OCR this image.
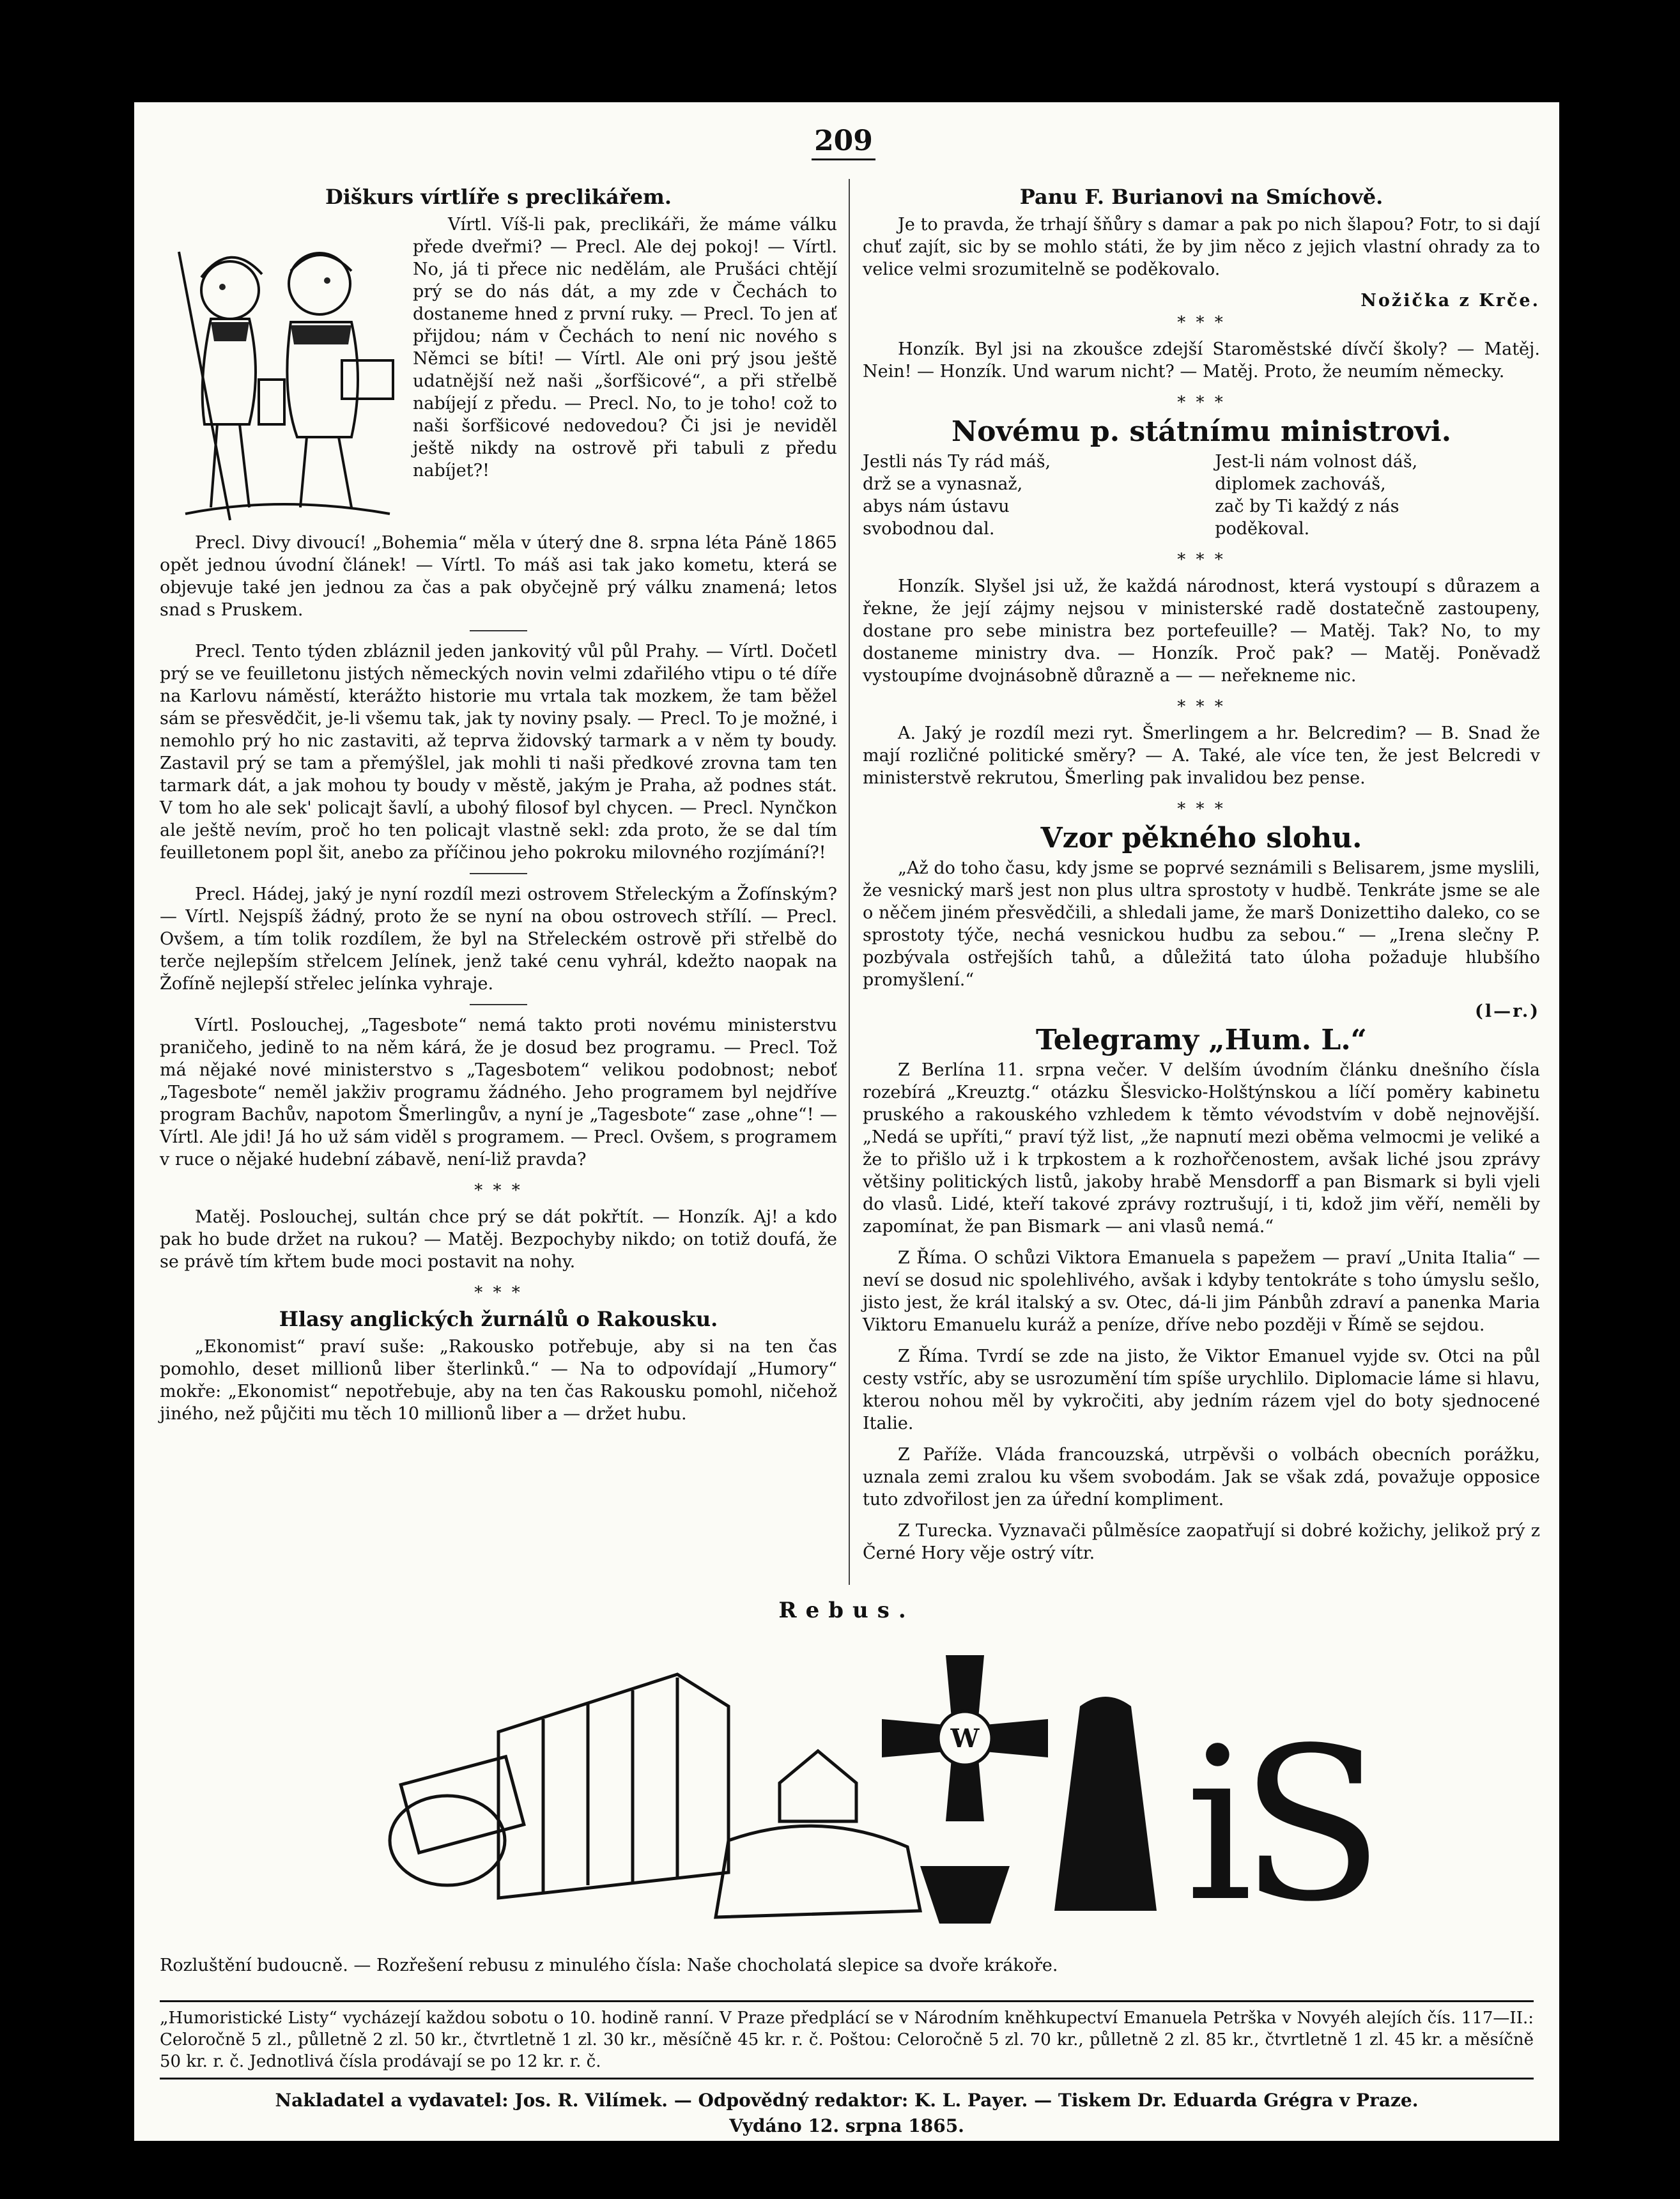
209
Diškurs vírtlíře s preclikářem.

Vírtl. Víš-li pak, preclikáři, že máme válku přede dveřmi? — Precl. Ale dej pokoj! — Vírtl. No, já ti přece nic nedělám, ale Prušáci chtějí prý se do nás dát, a my zde v Čechách to dostaneme hned z první ruky. — Precl. To jen ať přijdou; nám v Čechách to není nic nového s Němci se bíti! — Vírtl. Ale oni prý jsou ještě udatnější než naši „šorfšicové“, a při střelbě nabíjejí z předu. — Precl. No, to je toho! což to naši šorfšicové nedovedou? Či jsi je neviděl ještě nikdy na ostrově při tabuli z předu nabíjet?!

Precl. Divy divoucí! „Bohemia“ měla v úterý dne 8. srpna léta Páně 1865 opět jednou úvodní článek! — Vírtl. To máš asi tak jako kometu, která se objevuje také jen jednou za čas a pak obyčejně prý válku znamená; letos snad s Pruskem.

Precl. Tento týden zbláznil jeden jankovitý vůl půl Prahy. — Vírtl. Dočetl prý se ve feuilletonu jistých německých novin velmi zdařilého vtipu o té díře na Karlovu náměstí, kterážto historie mu vrtala tak mozkem, že tam běžel sám se přesvědčit, je-li všemu tak, jak ty noviny psaly. — Precl. To je možné, i nemohlo prý ho nic zastaviti, až teprva židovský tarmark a v něm ty boudy. Zastavil prý se tam a přemýšlel, jak mohli ti naši předkové zrovna tam ten tarmark dát, a jak mohou ty boudy v městě, jakým je Praha, až podnes stát. V tom ho ale sek' policajt šavlí, a ubohý filosof byl chycen. — Precl. Nynčkon ale ještě nevím, proč ho ten policajt vlastně sekl: zda proto, že se dal tím feuilletonem popl šit, anebo za příčinou jeho pokroku milovného rozjímání?!

Precl. Hádej, jaký je nyní rozdíl mezi ostrovem Střeleckým a Žofínským? — Vírtl. Nejspíš žádný, proto že se nyní na obou ostrovech střílí. — Precl. Ovšem, a tím tolik rozdílem, že byl na Střeleckém ostrově při střelbě do terče nejlepším střelcem Jelínek, jenž také cenu vyhrál, kdežto naopak na Žofíně nejlepší střelec jelínka vyhraje.

Vírtl. Poslouchej, „Tagesbote“ nemá takto proti novému ministerstvu praničeho, jedině to na něm kárá, že je dosud bez programu. — Precl. Tož má nějaké nové ministerstvo s „Tagesbotem“ velikou podobnost; neboť „Tagesbote“ neměl jakživ programu žádného. Jeho programem byl nejdříve program Bachův, napotom Šmerlingův, a nyní je „Tagesbote“ zase „ohne“! — Vírtl. Ale jdi! Já ho už sám viděl s programem. — Precl. Ovšem, s programem v ruce o nějaké hudební zábavě, není-liž pravda?

* * *

Matěj. Poslouchej, sultán chce prý se dát pokřtít. — Honzík. Aj! a kdo pak ho bude držet na rukou? — Matěj. Bezpochyby nikdo; on totiž doufá, že se právě tím křtem bude moci postavit na nohy.

* * *
Hlasy anglických žurnálů o Rakousku.

„Ekonomist“ praví suše: „Rakousko potřebuje, aby si na ten čas pomohlo, deset millionů liber šterlinků.“ — Na to odpovídají „Humory“ mokře: „Ekonomist“ nepotřebuje, aby na ten čas Rakousku pomohl, ničehož jiného, než půjčiti mu těch 10 millionů liber a — držet hubu.

Panu F. Burianovi na Smíchově.

Je to pravda, že trhají šňůry s damar a pak po nich šlapou? Fotr, to si dají chuť zajít, sic by se mohlo státi, že by jim něco z jejich vlastní ohrady za to velice velmi srozumitelně se poděkovalo.

Nožička z Krče.
* * *

Honzík. Byl jsi na zkoušce zdejší Staroměstské dívčí školy? — Matěj. Nein! — Honzík. Und warum nicht? — Matěj. Proto, že neumím německy.

* * *
Novému p. státnímu ministrovi.
Jestli nás Ty rád máš,
drž se a vynasnaž,
abys nám ústavu
svobodnou dal.
Jest-li nám volnost dáš,
diplomek zachováš,
zač by Ti každý z nás
poděkoval.
* * *

Honzík. Slyšel jsi už, že každá národnost, která vystoupí s důrazem a řekne, že její zájmy nejsou v ministerské radě dostatečně zastoupeny, dostane pro sebe ministra bez portefeuille? — Matěj. Tak? No, to my dostaneme ministry dva. — Honzík. Proč pak? — Matěj. Poněvadž vystoupíme dvojnásobně důrazně a — — neřekneme nic.

* * *

A. Jaký je rozdíl mezi ryt. Šmerlingem a hr. Belcredim? — B. Snad že mají rozličné politické směry? — A. Také, ale více ten, že jest Belcredi v ministerstvě rekrutou, Šmerling pak invalidou bez pense.

* * *
Vzor pěkného slohu.

„Až do toho času, kdy jsme se poprvé seznámili s Belisarem, jsme myslili, že vesnický marš jest non plus ultra sprostoty v hudbě. Tenkráte jsme se ale o něčem jiném přesvědčili, a shledali jame, že marš Donizettiho daleko, co se sprostoty týče, nechá vesnickou hudbu za sebou.“ — „Irena slečny P. pozbývala ostřejších tahů, a důležitá tato úloha požaduje hlubšího promyšlení.“

(l—r.)
Telegramy „Hum. L.“

Z Berlína 11. srpna večer. V delším úvodním článku dnešního čísla rozebírá „Kreuztg.“ otázku Šlesvicko-Holštýnskou a líčí poměry kabinetu pruského a rakouského vzhledem k těmto vévodstvím v době nejnovější. „Nedá se upříti,“ praví týž list, „že napnutí mezi oběma velmocmi je veliké a že to přišlo už i k trpkostem a k rozhořčenostem, avšak liché jsou zprávy většiny politických listů, jakoby hrabě Mensdorff a pan Bismark si byli vjeli do vlasů. Lidé, kteří takové zprávy roztrušují, i ti, kdož jim věří, neměli by zapomínat, že pan Bismark — ani vlasů nemá.“

Z Říma. O schůzi Viktora Emanuela s papežem — praví „Unita Italia“ — neví se dosud nic spolehlivého, avšak i kdyby tentokráte s toho úmyslu sešlo, jisto jest, že král italský a sv. Otec, dá-li jim Pánbůh zdraví a panenka Maria Viktoru Emanuelu kuráž a peníze, dříve nebo později v Římě se sejdou.

Z Říma. Tvrdí se zde na jisto, že Viktor Emanuel vyjde sv. Otci na půl cesty vstříc, aby se usrozumění tím spíše urychlilo. Diplomacie láme si hlavu, kterou nohou měl by vykročiti, aby jedním rázem vjel do boty sjednocené Italie.

Z Paříže. Vláda francouzská, utrpěvši o volbách obecních porážku, uznala zemi zralou ku všem svobodám. Jak se však zdá, považuje opposice tuto zdvořilost jen za úřední kompliment.

Z Turecka. Vyznavači půlměsíce zaopatřují si dobré kožichy, jelikož prý z Černé Hory věje ostrý vítr.

Rebus.
W i
S
Rozluštění budoucně. — Rozřešení rebusu z minulého čísla: Naše chocholatá slepice sa dvoře krákoře.
„Humoristické Listy“ vycházejí každou sobotu o 10. hodině ranní. V Praze předplácí se v Národním kněhkupectví Emanuela Petrška v Novyéh alejích čís. 117—II.: Celoročně 5 zl., půlletně 2 zl. 50 kr., čtvrtletně 1 zl. 30 kr., měsíčně 45 kr. r. č. Poštou: Celoročně 5 zl. 70 kr., půlletně 2 zl. 85 kr., čtvrtletně 1 zl. 45 kr. a měsíčně 50 kr. r. č. Jednotlivá čísla prodávají se po 12 kr. r. č.
Nakladatel a vydavatel: Jos. R. Vilímek. — Odpovědný redaktor: K. L. Payer. — Tiskem Dr. Eduarda Grégra v Praze.
Vydáno 12. srpna 1865.
